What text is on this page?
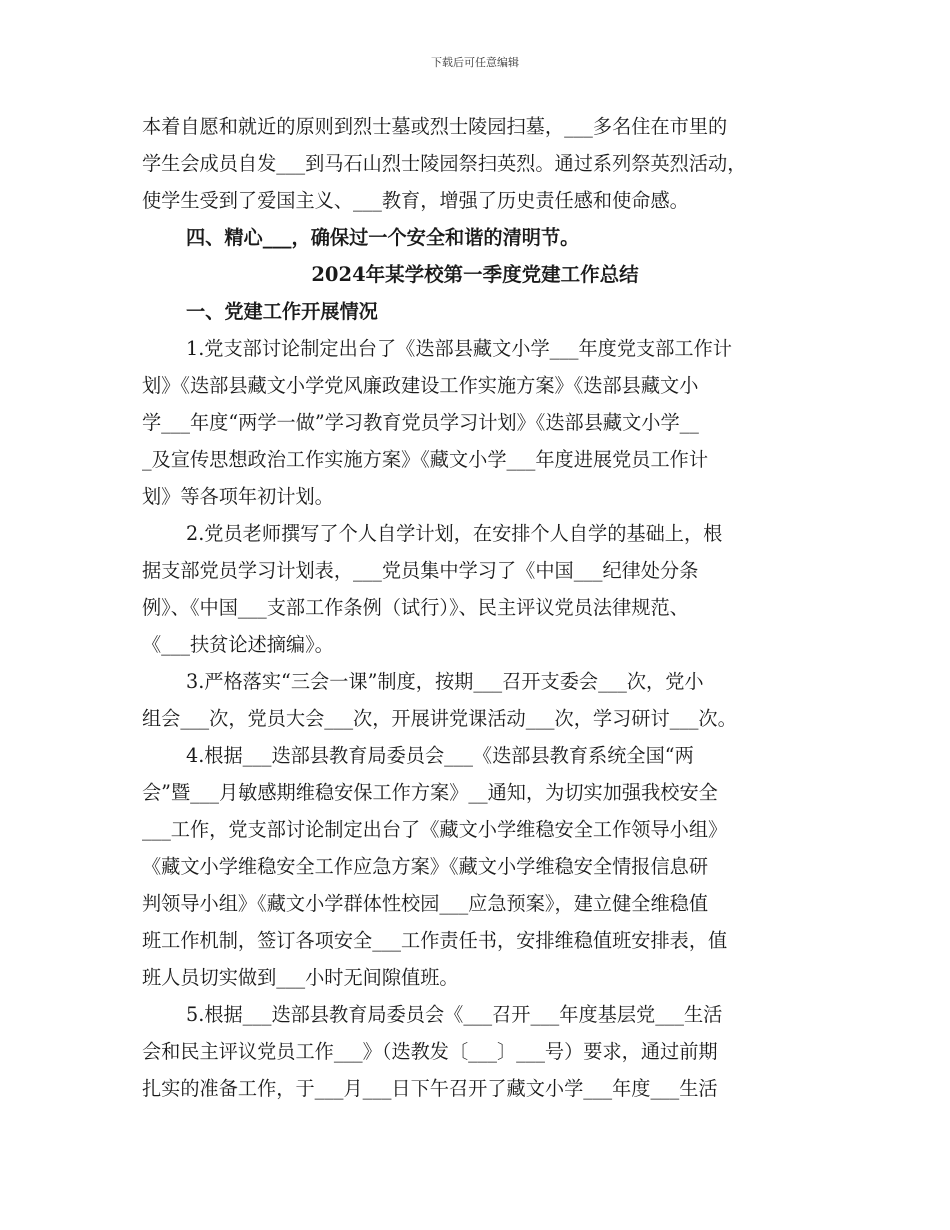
下载后可任意编辑
本着自愿和就近的原则到烈士墓或烈士陵园扫墓，___多名住在市里的
学生会成员自发___到马石山烈士陵园祭扫英烈。通过系列祭英烈活动，
使学生受到了爱国主义、___教育，增强了历史责任感和使命感。
四、精心___，确保过一个安全和谐的清明节。
2024年某学校第一季度党建工作总结
一、党建工作开展情况
1.党支部讨论制定出台了《迭部县藏文小学___年度党支部工作计
划》《迭部县藏文小学党风廉政建设工作实施方案》《迭部县藏文小
学___年度“两学一做”学习教育党员学习计划》《迭部县藏文小学__
_及宣传思想政治工作实施方案》《藏文小学___年度进展党员工作计
划》等各项年初计划。
2.党员老师撰写了个人自学计划，在安排个人自学的基础上，根
据支部党员学习计划表，___党员集中学习了《中国___纪律处分条
例》、《中国___支部工作条例（试行）》、民主评议党员法律规范、
《___扶贫论述摘编》。
3.严格落实“三会一课”制度，按期___召开支委会___次，党小
组会___次，党员大会___次，开展讲党课活动___次，学习研讨___次。
4.根据___迭部县教育局委员会___《迭部县教育系统全国“两
会”暨___月敏感期维稳安保工作方案》__通知，为切实加强我校安全
___工作，党支部讨论制定出台了《藏文小学维稳安全工作领导小组》
《藏文小学维稳安全工作应急方案》《藏文小学维稳安全情报信息研
判领导小组》《藏文小学群体性校园___应急预案》，建立健全维稳值
班工作机制，签订各项安全___工作责任书，安排维稳值班安排表，值
班人员切实做到___小时无间隙值班。
5.根据___迭部县教育局委员会《___召开___年度基层党___生活
会和民主评议党员工作___》（迭教发〔___〕___号）要求，通过前期
扎实的准备工作，于___月___日下午召开了藏文小学___年度___生活
